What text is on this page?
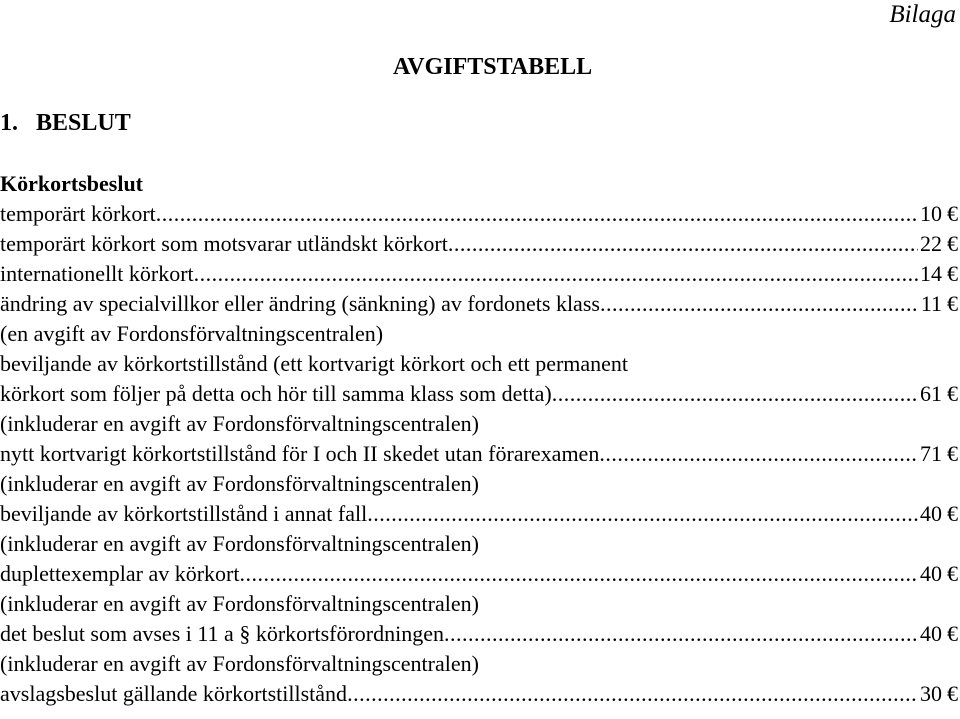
Bilaga
AVGIFTSTABELL
1. BESLUT
Körkortsbeslut
temporärt körkort .....	10 €
temporärt körkort som motsvarar utländskt körkort .....	22 €
internationellt körkort .....	14 €
ändring av specialvillkor eller ändring (sänkning) av fordonets klass .....	11 €
(en avgift av Fordonsförvaltningscentralen)
beviljande av körkortstillstånd (ett kortvarigt körkort och ett permanent
körkort som följer på detta och hör till samma klass som detta) .....	61 €
(inkluderar en avgift av Fordonsförvaltningscentralen)
nytt kortvarigt körkortstillstånd för I och II skedet utan förarexamen .....	71 €
(inkluderar en avgift av Fordonsförvaltningscentralen)
beviljande av körkortstillstånd i annat fall .....	40 €
(inkluderar en avgift av Fordonsförvaltningscentralen)
duplettexemplar av körkort .....	40 €
(inkluderar en avgift av Fordonsförvaltningscentralen)
det beslut som avses i 11 a § körkortsförordningen .....	40 €
(inkluderar en avgift av Fordonsförvaltningscentralen)
avslagsbeslut gällande körkortstillstånd .....	30 €
